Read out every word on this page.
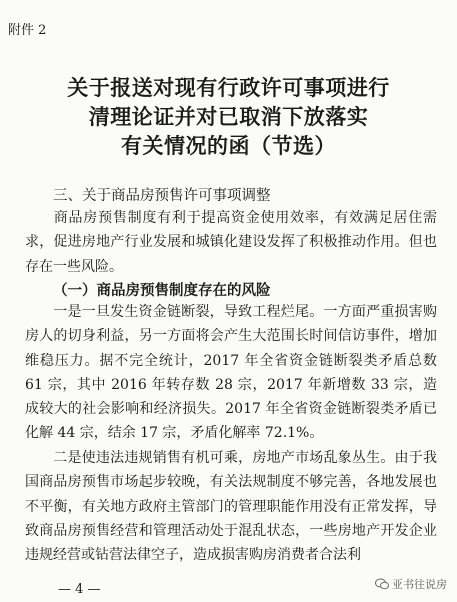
附件 2
关于报送对现有行政许可事项进行
清理论证并对已取消下放落实
有关情况的函（节选）
三、关于商品房预售许可事项调整

商品房预售制度有利于提高资金使用效率，有效满足居住需求，促进房地产行业发展和城镇化建设发挥了积极推动作用。但也存在一些风险。

（一）商品房预售制度存在的风险

一是一旦发生资金链断裂，导致工程烂尾。一方面严重损害购房人的切身利益，另一方面将会产生大范围长时间信访事件，增加维稳压力。据不完全统计，2017 年全省资金链断裂类矛盾总数 61 宗，其中 2016 年转存数 28 宗，2017 年新增数 33 宗，造成较大的社会影响和经济损失。2017 年全省资金链断裂类矛盾已化解 44 宗，结余 17 宗，矛盾化解率 72.1%。

二是使违法违规销售有机可乘，房地产市场乱象丛生。由于我国商品房预售市场起步较晚，有关法规制度不够完善，各地发展也不平衡，有关地方政府主管部门的管理职能作用没有正常发挥，导致商品房预售经营和管理活动处于混乱状态，一些房地产开发企业违规经营或钻营法律空子，造成损害购房消费者合法利

— 4 —	亚书往说房
